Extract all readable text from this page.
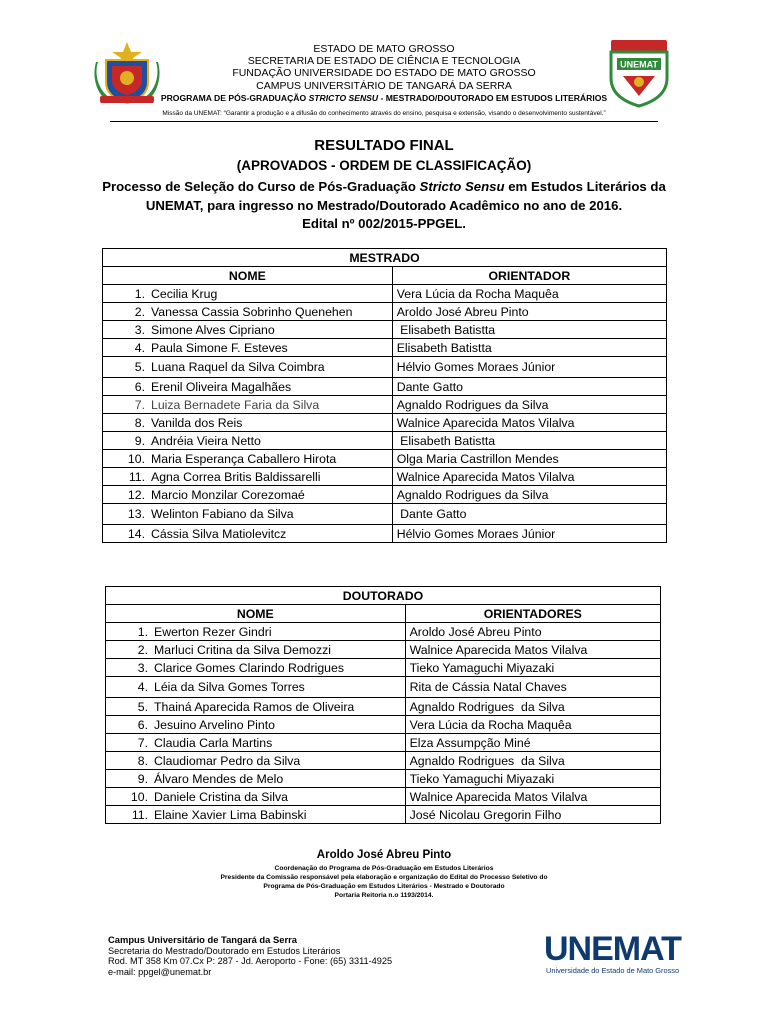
ESTADO DE MATO GROSSO
SECRETARIA DE ESTADO DE CIÊNCIA E TECNOLOGIA
FUNDAÇÃO UNIVERSIDADE DO ESTADO DE MATO GROSSO
CAMPUS UNIVERSITÁRIO DE TANGARÁ DA SERRA
PROGRAMA DE PÓS-GRADUAÇÃO STRICTO SENSU - MESTRADO/DOUTORADO EM ESTUDOS LITERÁRIOS
UNEMAT
Missão da UNEMAT: “Garantir a produção e a difusão do conhecimento através do ensino, pesquisa e extensão, visando o desenvolvimento sustentável.”
RESULTADO FINAL
(APROVADOS - ORDEM DE CLASSIFICAÇÃO)
Processo de Seleção do Curso de Pós-Graduação Stricto Sensu em Estudos Literários da UNEMAT, para ingresso no Mestrado/Doutorado Acadêmico no ano de 2016.
Edital nº 002/2015-PPGEL.
MESTRADO	
NOME	ORIENTADOR
1. Cecilia Krug	Vera Lúcia da Rocha Maquêa
2. Vanessa Cassia Sobrinho Quenehen	Aroldo José Abreu Pinto
3. Simone Alves Cipriano	Elisabeth Batistta
4. Paula Simone F. Esteves	Elisabeth Batistta
5. Luana Raquel da Silva Coimbra	Hélvio Gomes Moraes Júnior
6. Erenil Oliveira Magalhães	Dante Gatto
7. Luiza Bernadete Faria da Silva	Agnaldo Rodrigues da Silva
8. Vanilda dos Reis	Walnice Aparecida Matos Vilalva
9. Andréia Vieira Netto	Elisabeth Batistta
10. Maria Esperança Caballero Hirota	Olga Maria Castrillon Mendes
11. Agna Correa Britis Baldissarelli	Walnice Aparecida Matos Vilalva
12. Marcio Monzilar Corezomaé	Agnaldo Rodrigues da Silva
13. Welinton Fabiano da Silva	Dante Gatto
14. Cássia Silva Matiolevitcz	Hélvio Gomes Moraes Júnior
DOUTORADO	
NOME	ORIENTADORES
1. Ewerton Rezer Gindri	Aroldo José Abreu Pinto
2. Marluci Critina da Silva Demozzi	Walnice Aparecida Matos Vilalva
3. Clarice Gomes Clarindo Rodrigues	Tieko Yamaguchi Miyazaki
4. Léia da Silva Gomes Torres	Rita de Cássia Natal Chaves
5. Thainá Aparecida Ramos de Oliveira	Agnaldo Rodrigues  da Silva
6. Jesuino Arvelino Pinto	Vera Lúcia da Rocha Maquêa
7. Claudia Carla Martins	Elza Assumpção Miné
8. Claudiomar Pedro da Silva	Agnaldo Rodrigues  da Silva
9. Álvaro Mendes de Melo	Tieko Yamaguchi Miyazaki
10. Daniele Cristina da Silva	Walnice Aparecida Matos Vilalva
11. Elaine Xavier Lima Babinski	José Nicolau Gregorin Filho
Aroldo José Abreu Pinto
Coordenação do Programa de Pós-Graduação em Estudos Literários
Presidente da Comissão responsável pela elaboração e organização do Edital do Processo Seletivo do
Programa de Pós-Graduação em Estudos Literários - Mestrado e Doutorado
Portaria Reitoria n.o 1193/2014.
Campus Universitário de Tangará da Serra
Secretaria do Mestrado/Doutorado em Estudos Literários
Rod. MT 358 Km 07.Cx P: 287 - Jd. Aeroporto - Fone: (65) 3311-4925
e-mail: ppgel@unemat.br
UNEMAT
Universidade do Estado de Mato Grosso
